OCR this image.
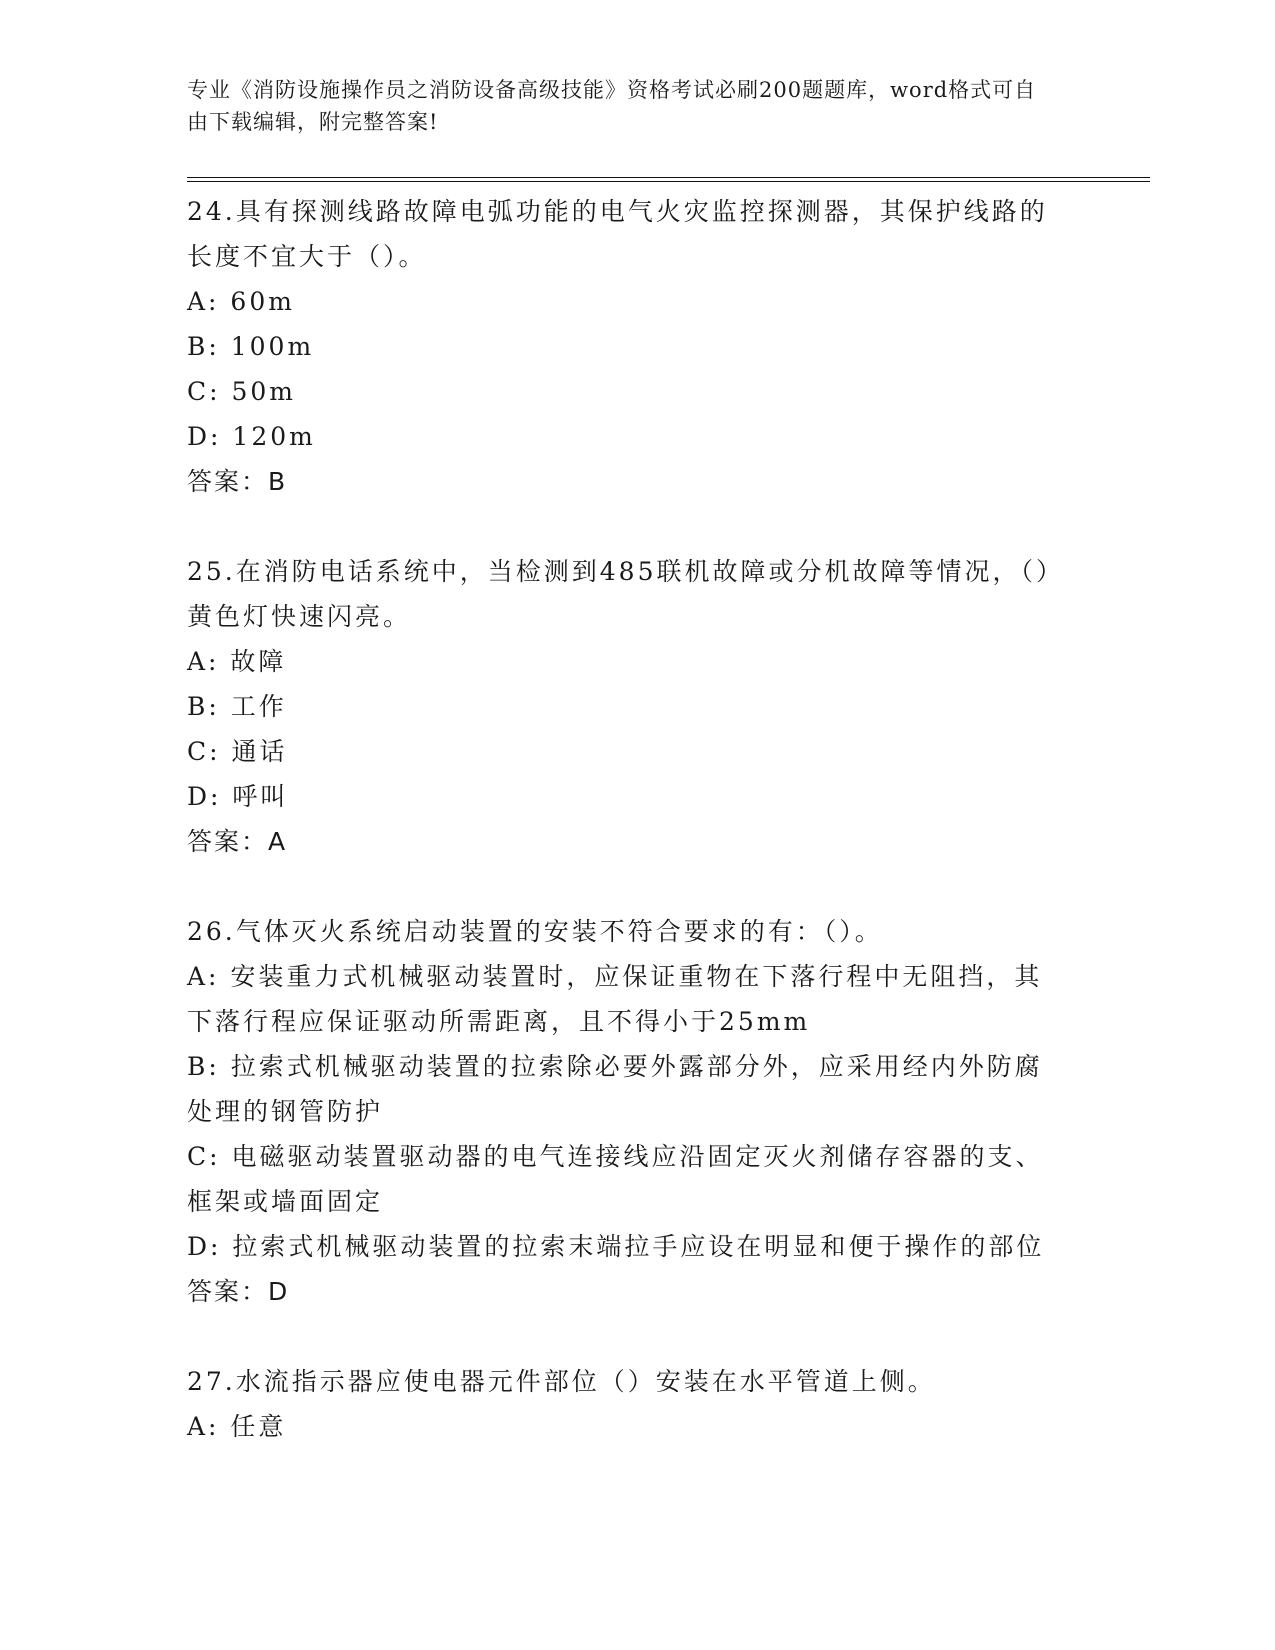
专业《消防设施操作员之消防设备高级技能》资格考试必刷200题题库，word格式可自由下载编辑，附完整答案!

24.具有探测线路故障电弧功能的电气火灾监控探测器，其保护线路的长度不宜大于（）。

A: 60m

B: 100m

C: 50m

D: 120m

答案：B

25.在消防电话系统中，当检测到485联机故障或分机故障等情况，（）黄色灯快速闪亮。

A: 故障

B: 工作

C: 通话

D: 呼叫

答案：A

26.气体灭火系统启动装置的安装不符合要求的有：（）。

A: 安装重力式机械驱动装置时，应保证重物在下落行程中无阻挡，其下落行程应保证驱动所需距离，且不得小于25mm

B: 拉索式机械驱动装置的拉索除必要外露部分外，应采用经内外防腐处理的钢管防护

C: 电磁驱动装置驱动器的电气连接线应沿固定灭火剂储存容器的支、框架或墙面固定

D: 拉索式机械驱动装置的拉索末端拉手应设在明显和便于操作的部位

答案：D

27.水流指示器应使电器元件部位（）安装在水平管道上侧。

A: 任意
